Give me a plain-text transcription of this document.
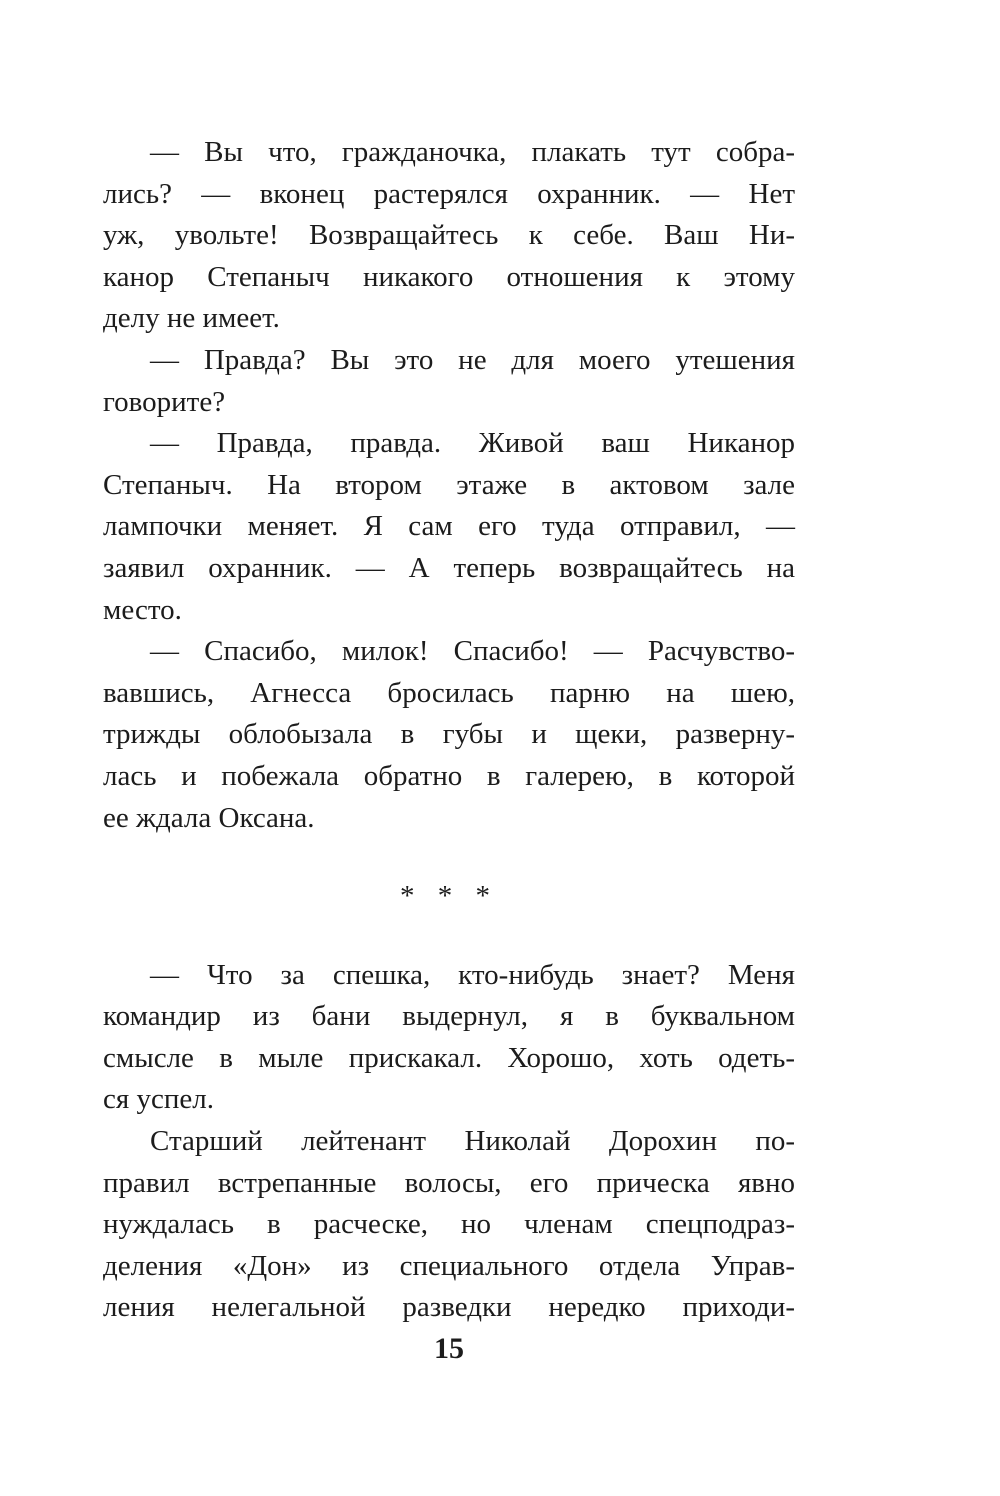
— Вы что, гражданочка, плакать тут собра-
лись? — вконец растерялся охранник. — Нет
уж, увольте! Возвращайтесь к себе. Ваш Ни-
канор Степаныч никакого отношения к этому
делу не имеет.
— Правда? Вы это не для моего утешения
говорите?
— Правда, правда. Живой ваш Никанор
Степаныч. На втором этаже в актовом зале
лампочки меняет. Я сам его туда отправил, —
заявил охранник. — А теперь возвращайтесь на
место.
— Спасибо, милок! Спасибо! — Расчувство-
вавшись, Агнесса бросилась парню на шею,
трижды облобызала в губы и щеки, разверну-
лась и побежала обратно в галерею, в которой
ее ждала Оксана.
* * *
— Что за спешка, кто-нибудь знает? Меня
командир из бани выдернул, я в буквальном
смысле в мыле прискакал. Хорошо, хоть одеть-
ся успел.
Старший лейтенант Николай Дорохин по-
правил встрепанные волосы, его прическа явно
нуждалась в расческе, но членам спецподраз-
деления «Дон» из специального отдела Управ-
ления нелегальной разведки нередко приходи-
15
